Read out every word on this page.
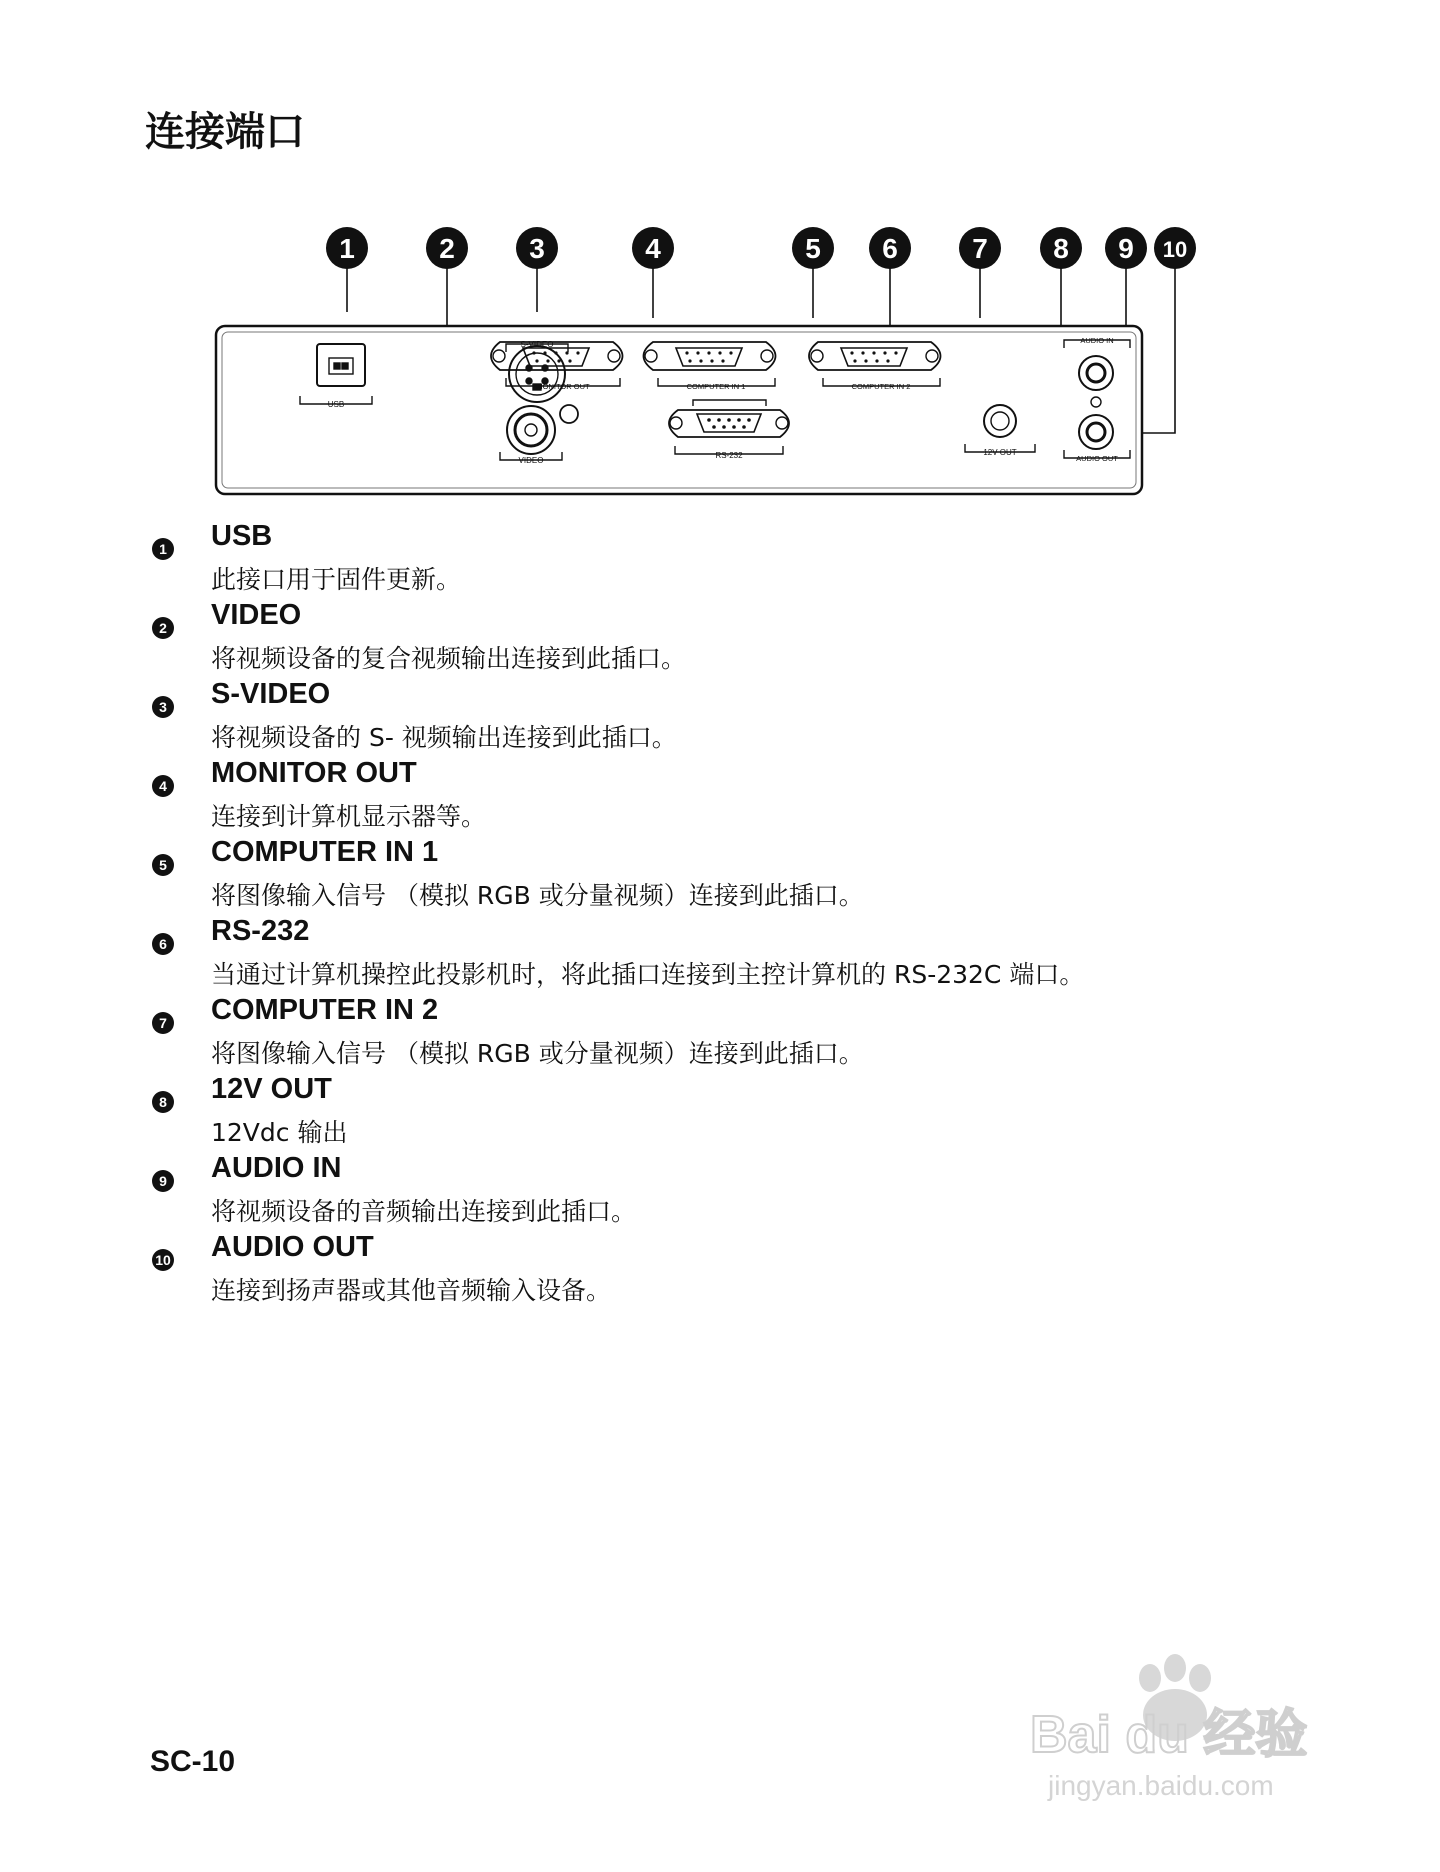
连接端口
1	2	3	4	5 6	7 8 9 10
USB
S-VIDEO
VIDEO
MONITOR OUT	COMPUTER IN 1	COMPUTER IN 2
RS-232	12V OUT
AUDIO IN
AUDIO OUT
1 USB
此接口用于固件更新。
2 VIDEO
将视频设备的复合视频输出连接到此插口。
3 S-VIDEO
将视频设备的 S- 视频输出连接到此插口。
4 MONITOR OUT
连接到计算机显示器等。
5 COMPUTER IN 1
将图像输入信号 （模拟 RGB 或分量视频）连接到此插口。
6 RS-232
当通过计算机操控此投影机时，将此插口连接到主控计算机的 RS-232C 端口。
7 COMPUTER IN 2
将图像输入信号 （模拟 RGB 或分量视频）连接到此插口。
8 12V OUT
12Vdc 输出
9 AUDIO IN
将视频设备的音频输出连接到此插口。
10 AUDIO OUT
连接到扬声器或其他音频输入设备。
SC-10	Bai du 经验
jingyan.baidu.com
